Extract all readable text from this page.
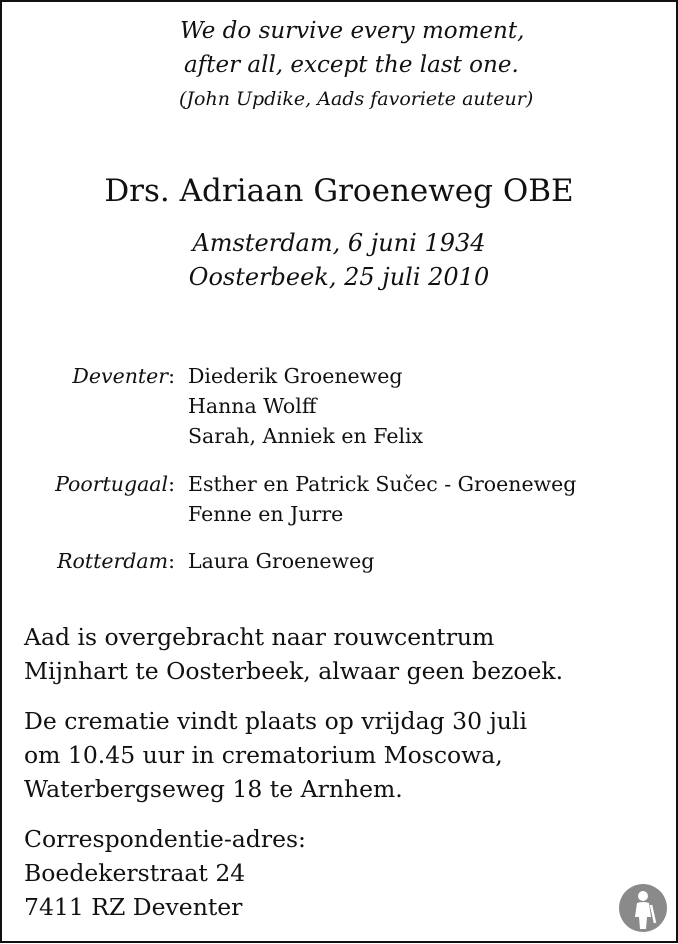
We do survive every moment,
after all, except the last one.
(John Updike, Aads favoriete auteur)
Drs. Adriaan Groeneweg OBE
Amsterdam, 6 juni 1934
Oosterbeek, 25 juli 2010
Deventer: Diederik Groeneweg
Hanna Wolff
Sarah, Anniek en Felix
Poortugaal: Esther en Patrick Sučec - Groeneweg
Fenne en Jurre
Rotterdam: Laura Groeneweg
Aad is overgebracht naar rouwcentrum
Mijnhart te Oosterbeek, alwaar geen bezoek.
De crematie vindt plaats op vrijdag 30 juli
om 10.45 uur in crematorium Moscowa,
Waterbergseweg 18 te Arnhem.
Correspondentie-adres:
Boedekerstraat 24
7411 RZ Deventer
